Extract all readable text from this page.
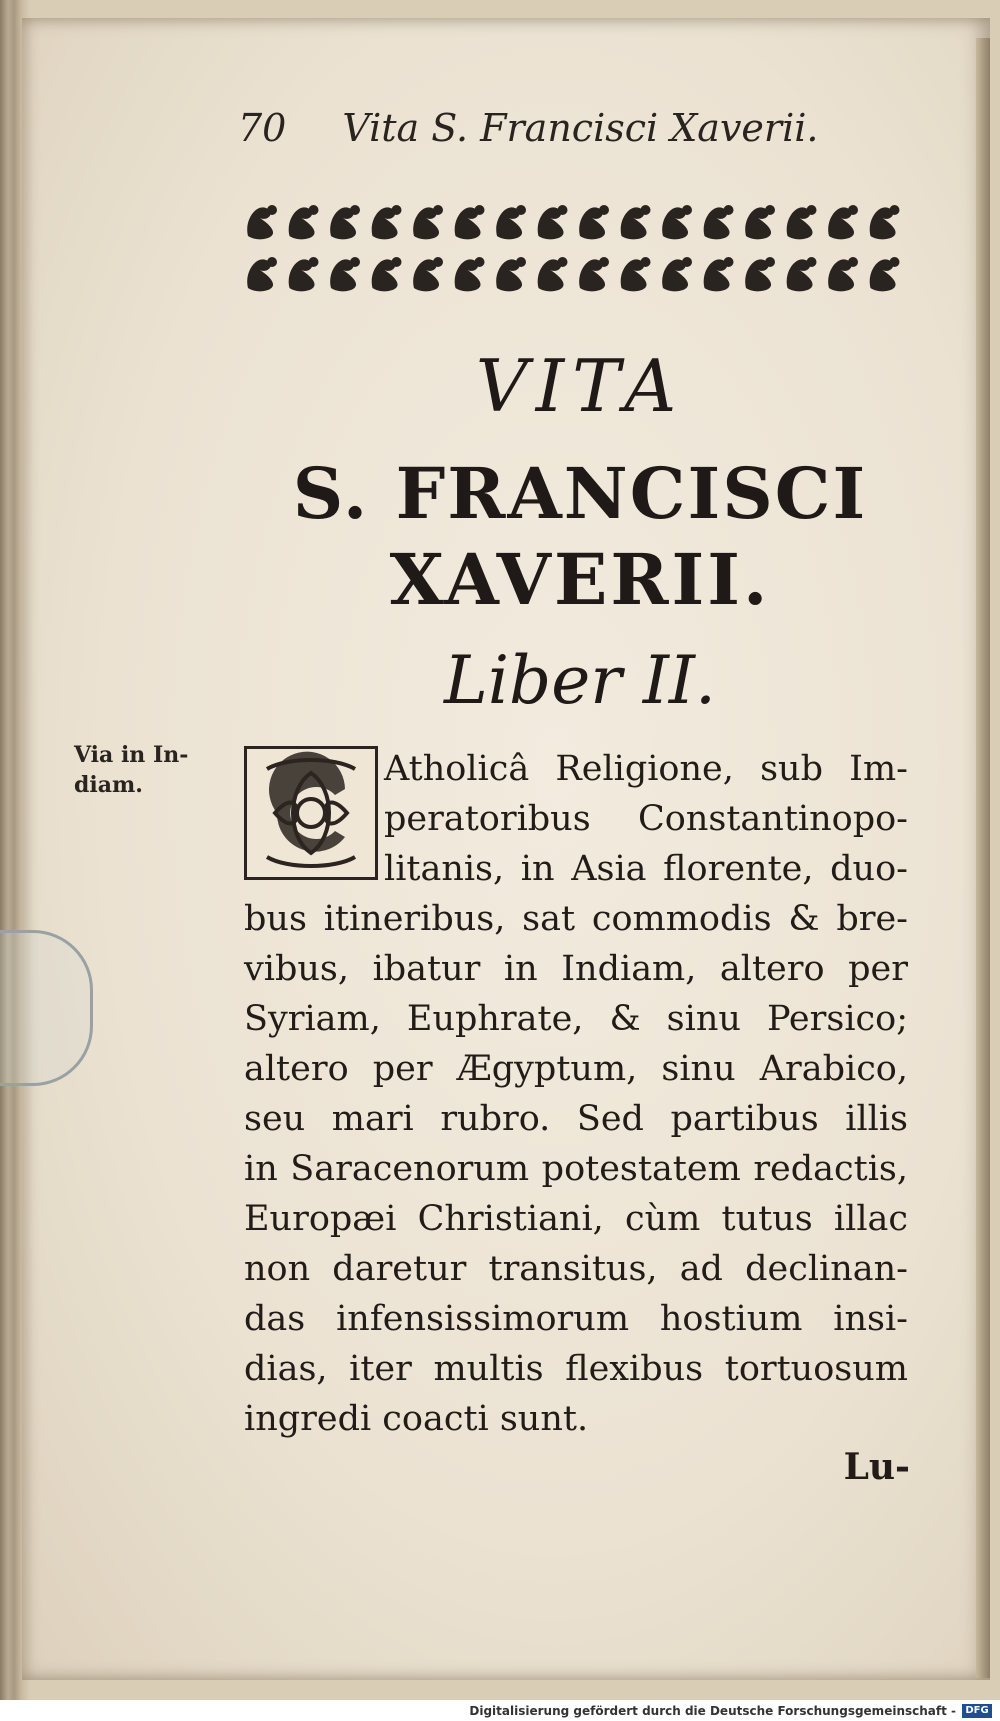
70 Vita S. Francisci Xaverii.
VITA
S. FRANCISCI
XAVERII.
Liber II.
Via in In-
diam.	Atholicâ Religione, sub Im-
peratoribus Constantinopo-
litanis, in Asia florente, duo-
bus itineribus, sat commodis & bre-
vibus, ibatur in Indiam, altero per
Syriam, Euphrate, & sinu Persico;
altero per Ægyptum, sinu Arabico,
seu mari rubro. Sed partibus illis
in Saracenorum potestatem redactis,
Europæi Christiani, cùm tutus illac
non daretur transitus, ad declinan-
das infensissimorum hostium insi-
dias, iter multis flexibus tortuosum
ingredi coacti sunt.
Lu-
Digitalisierung gefördert durch die Deutsche Forschungsgemeinschaft - DFG
